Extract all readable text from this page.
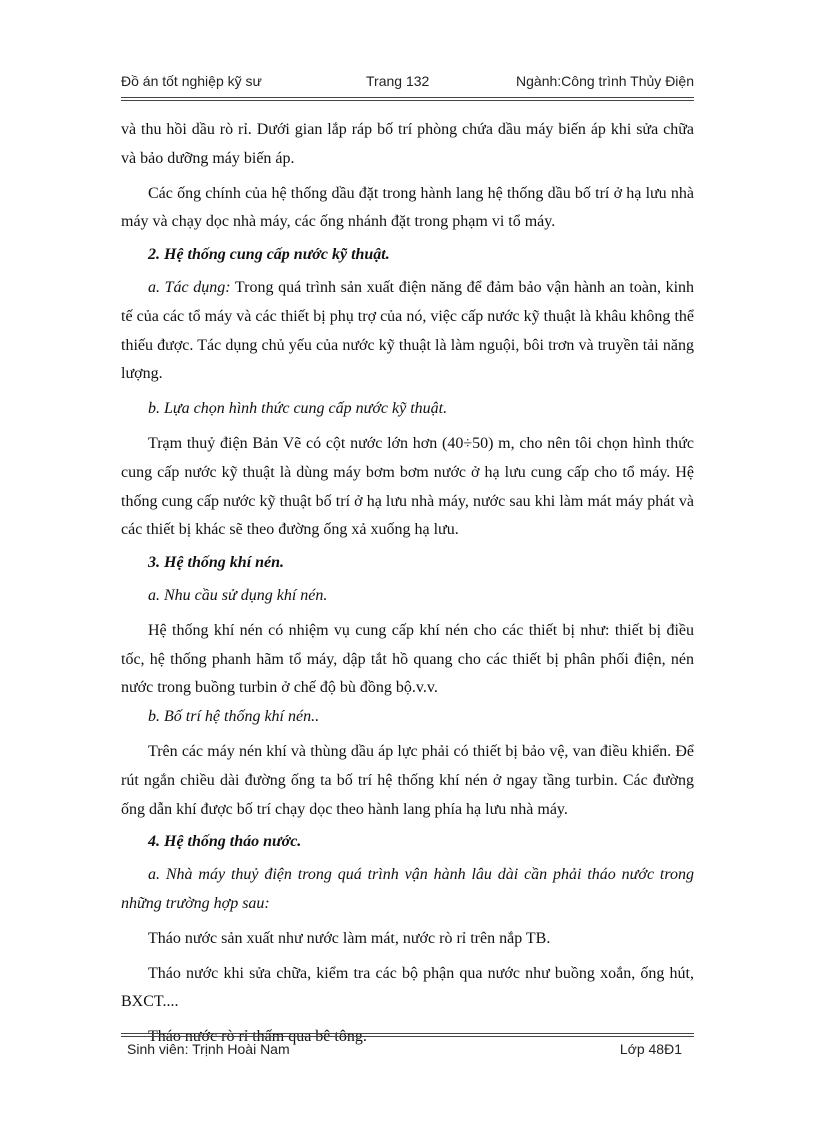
Đồ án tốt nghiệp kỹ sư	Trang 132	Ngành:Công trình Thủy Điện

và thu hồi dầu rò rỉ. Dưới gian lắp ráp bố trí phòng chứa dầu máy biến áp khi sửa chữa và bảo dưỡng máy biến áp.

Các ống chính của hệ thống dầu đặt trong hành lang hệ thống dầu bố trí ở hạ lưu nhà máy và chạy dọc nhà máy, các ống nhánh đặt trong phạm vi tổ máy.

2. Hệ thống cung cấp nước kỹ thuật.

a. Tác dụng: Trong quá trình sản xuất điện năng để đảm bảo vận hành an toàn, kinh tế của các tổ máy và các thiết bị phụ trợ của nó, việc cấp nước kỹ thuật là khâu không thể thiếu được. Tác dụng chủ yếu của nước kỹ thuật là làm nguội, bôi trơn và truyền tải năng lượng.

b. Lựa chọn hình thức cung cấp nước kỹ thuật.

Trạm thuỷ điện Bản Vẽ có cột nước lớn hơn (40÷50) m, cho nên tôi chọn hình thức cung cấp nước kỹ thuật là dùng máy bơm bơm nước ở hạ lưu cung cấp cho tổ máy. Hệ thống cung cấp nước kỹ thuật bố trí ở hạ lưu nhà máy, nước sau khi làm mát máy phát và các thiết bị khác sẽ theo đường ống xả xuống hạ lưu.

3. Hệ thống khí nén.

a. Nhu cầu sử dụng khí nén.

Hệ thống khí nén có nhiệm vụ cung cấp khí nén cho các thiết bị như: thiết bị điều tốc, hệ thống phanh hãm tổ máy, dập tắt hồ quang cho các thiết bị phân phối điện, nén nước trong buồng turbin ở chế độ bù đồng bộ.v.v.

b. Bố trí hệ thống khí nén..

Trên các máy nén khí và thùng dầu áp lực phải có thiết bị bảo vệ, van điều khiển. Để rút ngắn chiều dài đường ống ta bố trí hệ thống khí nén ở ngay tầng turbin. Các đường ống dẫn khí được bố trí chạy dọc theo hành lang phía hạ lưu nhà máy.

4. Hệ thống tháo nước.

a. Nhà máy thuỷ điện trong quá trình vận hành lâu dài cần phải tháo nước trong những trường hợp sau:

Tháo nước sản xuất như nước làm mát, nước rò rỉ trên nắp TB.

Tháo nước khi sửa chữa, kiểm tra các bộ phận qua nước như buồng xoắn, ống hút, BXCT....

Tháo nước rò rỉ thấm qua bê tông.

Sinh viên: Trịnh Hoài Nam	Lớp 48Đ1
